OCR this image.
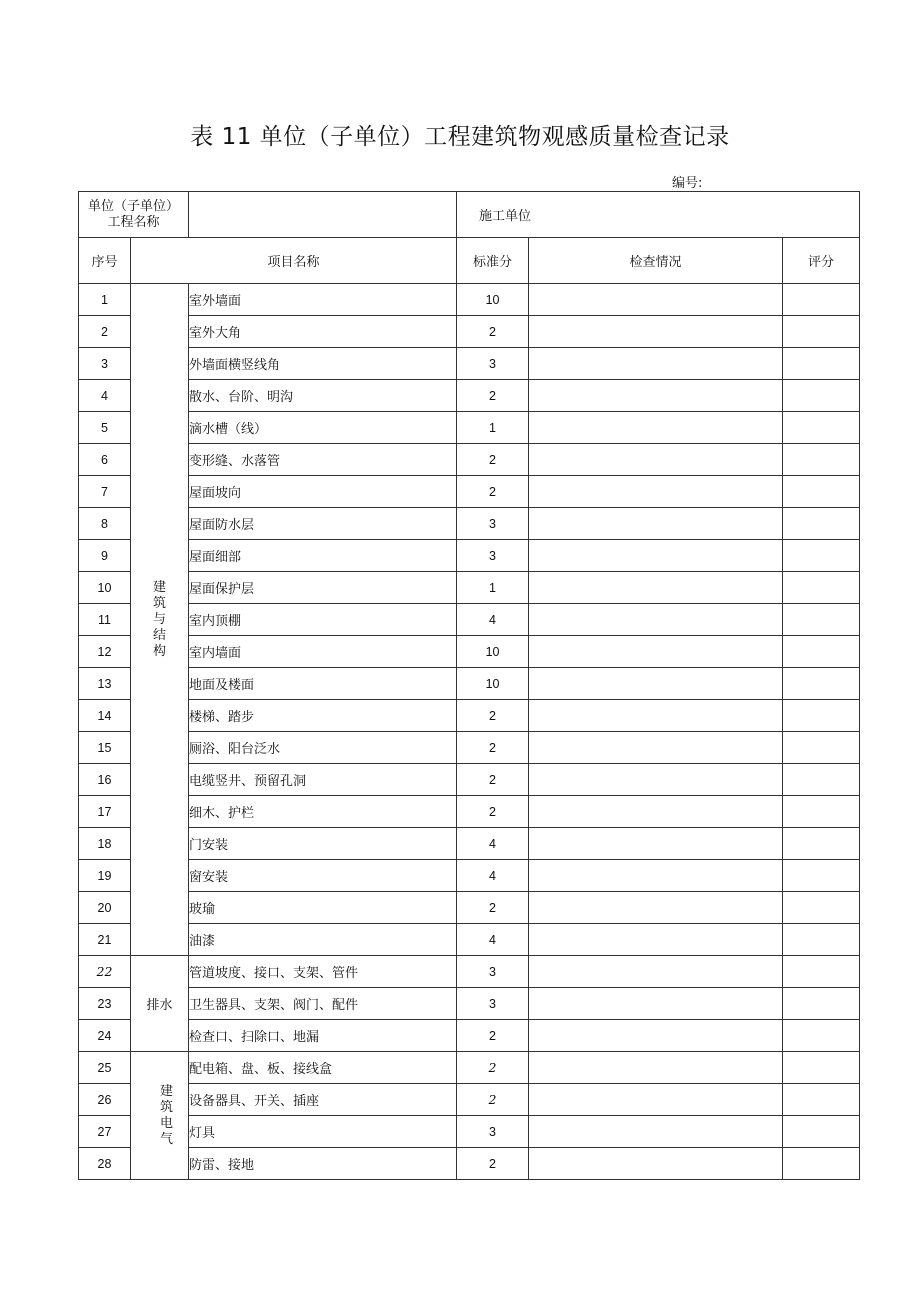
表 11 单位（子单位）工程建筑物观感质量检查记录
编号:
单位（子单位）
工程名称			施工单位		
序号	项目名称		标准分	检查情况	评分
1	建筑与结构	室外墙面	10		
2		室外大角	2		
3		外墙面横竖线角	3		
4		散水、台阶、明沟	2		
5		滴水槽（线）	1		
6		变形缝、水落管	2		
7		屋面坡向	2		
8		屋面防水层	3		
9		屋面细部	3		
10		屋面保护层	1		
11		室内顶棚	4		
12		室内墙面	10		
13		地面及楼面	10		
14		楼梯、踏步	2		
15		厕浴、阳台泛水	2		
16		电缆竖井、预留孔洞	2		
17		细木、护栏	2		
18		门安装	4		
19		窗安装	4		
20		玻瑜	2		
21		油漆	4		
22	排水	管道坡度、接口、支架、管件	3		
23		卫生器具、支架、阀门、配件	3		
24		检查口、扫除口、地漏	2		
25	建筑电气	配电箱、盘、板、接线盒	2		
26		设备器具、开关、插座	2		
27		灯具	3		
28		防雷、接地	2		
